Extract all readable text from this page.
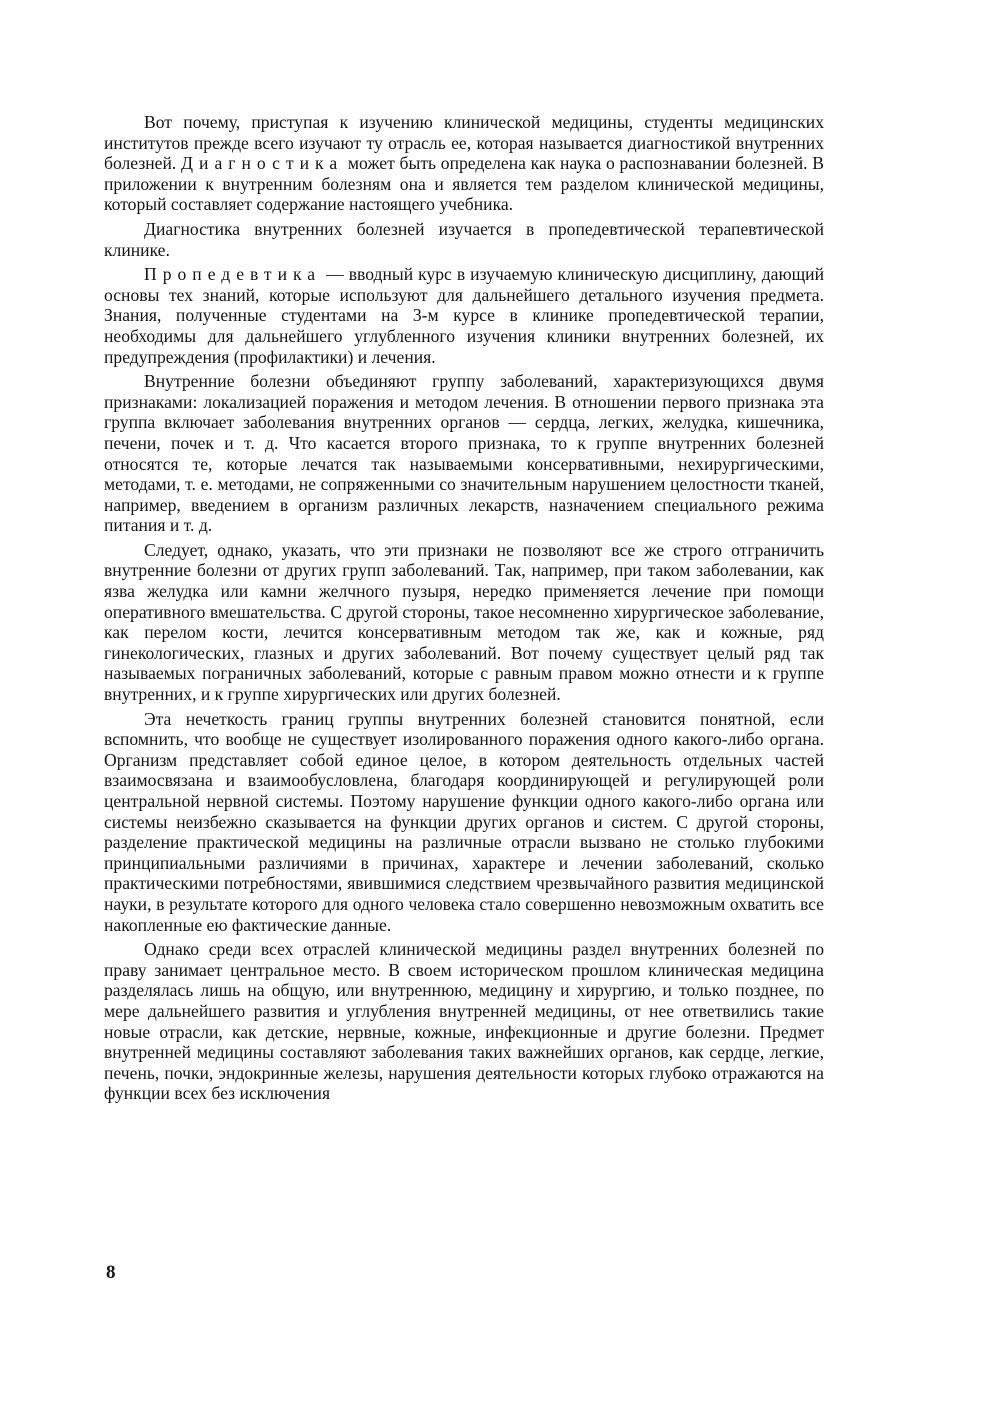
Вот почему, приступая к изучению клинической медицины, студенты медицинских институтов прежде всего изучают ту отрасль ее, которая называется диагностикой внутренних болезней. Диагностика может быть определена как наука о распознавании болезней. В приложении к внутренним болезням она и является тем разделом клинической медицины, который составляет содержание настоящего учебника.

Диагностика внутренних болезней изучается в пропедевтической терапевтической клинике.

Пропедевтика — вводный курс в изучаемую клиническую дисциплину, дающий основы тех знаний, которые используют для дальнейшего детального изучения предмета. Знания, полученные студентами на 3-м курсе в клинике пропедевтической терапии, необходимы для дальнейшего углубленного изучения клиники внутренних болезней, их предупреждения (профилактики) и лечения.

Внутренние болезни объединяют группу заболеваний, характеризующихся двумя признаками: локализацией поражения и методом лечения. В отношении первого признака эта группа включает заболевания внутренних органов — сердца, легких, желудка, кишечника, печени, почек и т. д. Что касается второго признака, то к группе внутренних болезней относятся те, которые лечатся так называемыми консервативными, нехирургическими, методами, т. е. методами, не сопряженными со значительным нарушением целостности тканей, например, введением в организм различных лекарств, назначением специального режима питания и т. д.

Следует, однако, указать, что эти признаки не позволяют все же строго отграничить внутренние болезни от других групп заболеваний. Так, например, при таком заболевании, как язва желудка или камни желчного пузыря, нередко применяется лечение при помощи оперативного вмешательства. С другой стороны, такое несомненно хирургическое заболевание, как перелом кости, лечится консервативным методом так же, как и кожные, ряд гинекологических, глазных и других заболеваний. Вот почему существует целый ряд так называемых пограничных заболеваний, которые с равным правом можно отнести и к группе внутренних, и к группе хирургических или других болезней.

Эта нечеткость границ группы внутренних болезней становится понятной, если вспомнить, что вообще не существует изолированного поражения одного какого-либо органа. Организм представляет собой единое целое, в котором деятельность отдельных частей взаимосвязана и взаимообусловлена, благодаря координирующей и регулирующей роли центральной нервной системы. Поэтому нарушение функции одного какого-либо органа или системы неизбежно сказывается на функции других органов и систем. С другой стороны, разделение практической медицины на различные отрасли вызвано не столько глубокими принципиальными различиями в причинах, характере и лечении заболеваний, сколько практическими потребностями, явившимися следствием чрезвычайного развития медицинской науки, в результате которого для одного человека стало совершенно невозможным охватить все накопленные ею фактические данные.

Однако среди всех отраслей клинической медицины раздел внутренних болезней по праву занимает центральное место. В своем историческом прошлом клиническая медицина разделялась лишь на общую, или внутреннюю, медицину и хирургию, и только позднее, по мере дальнейшего развития и углубления внутренней медицины, от нее ответвились такие новые отрасли, как детские, нервные, кожные, инфекционные и другие болезни. Предмет внутренней медицины составляют заболевания таких важнейших органов, как сердце, легкие, печень, почки, эндокринные железы, нарушения деятельности которых глубоко отражаются на функции всех без исключения

8
